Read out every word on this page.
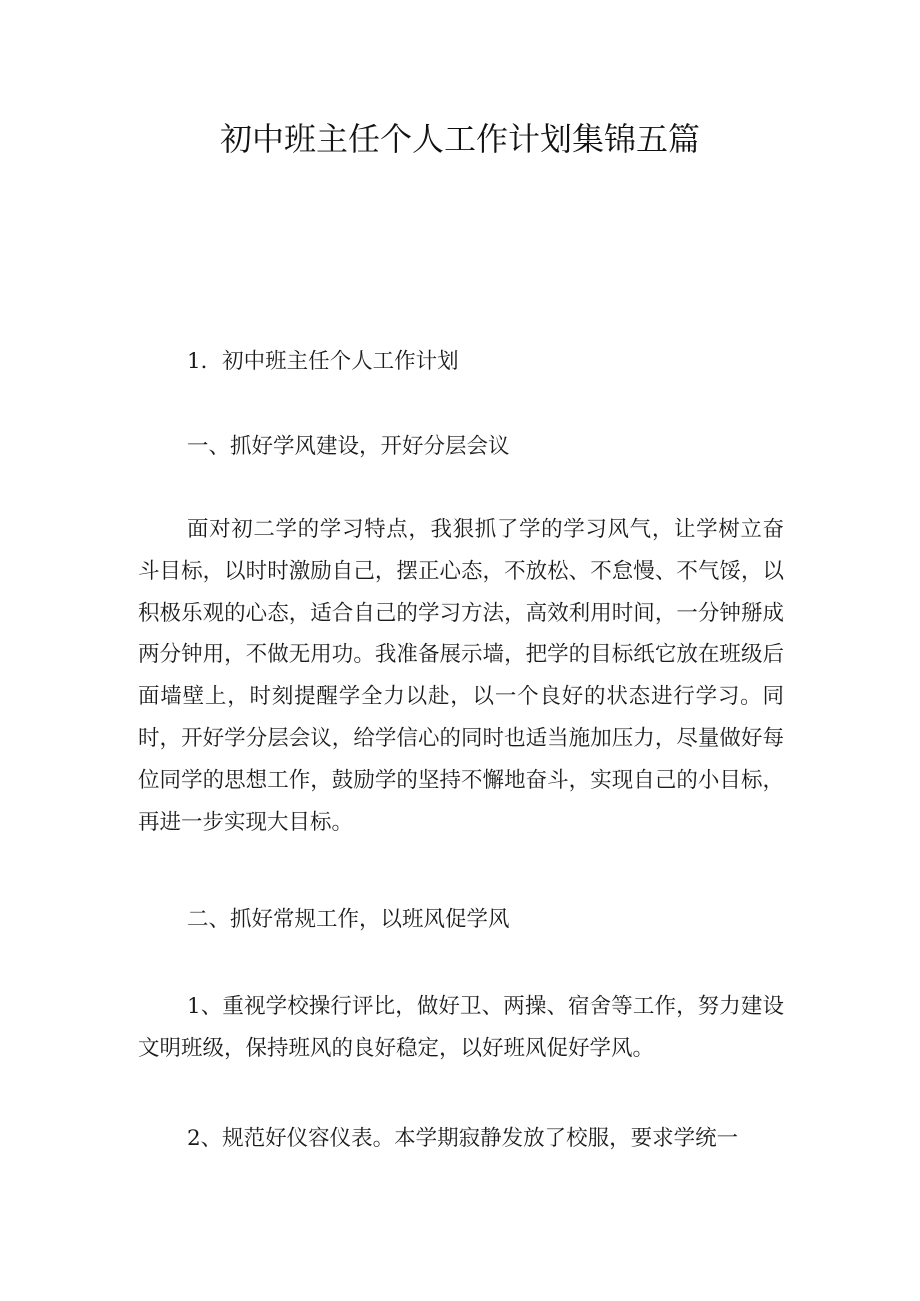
初中班主任个人工作计划集锦五篇

1．初中班主任个人工作计划

一、抓好学风建设，开好分层会议

面对初二学的学习特点，我狠抓了学的学习风气，让学树立奋斗目标，以时时激励自己，摆正心态，不放松、不怠慢、不气馁，以积极乐观的心态，适合自己的学习方法，高效利用时间，一分钟掰成两分钟用，不做无用功。我准备展示墙，把学的目标纸它放在班级后面墙壁上，时刻提醒学全力以赴，以一个良好的状态进行学习。同时，开好学分层会议，给学信心的同时也适当施加压力，尽量做好每位同学的思想工作，鼓励学的坚持不懈地奋斗，实现自己的小目标，再进一步实现大目标。

二、抓好常规工作，以班风促学风

1、重视学校操行评比，做好卫、两操、宿舍等工作，努力建设文明班级，保持班风的良好稳定，以好班风促好学风。

2、规范好仪容仪表。本学期寂静发放了校服，要求学统一
